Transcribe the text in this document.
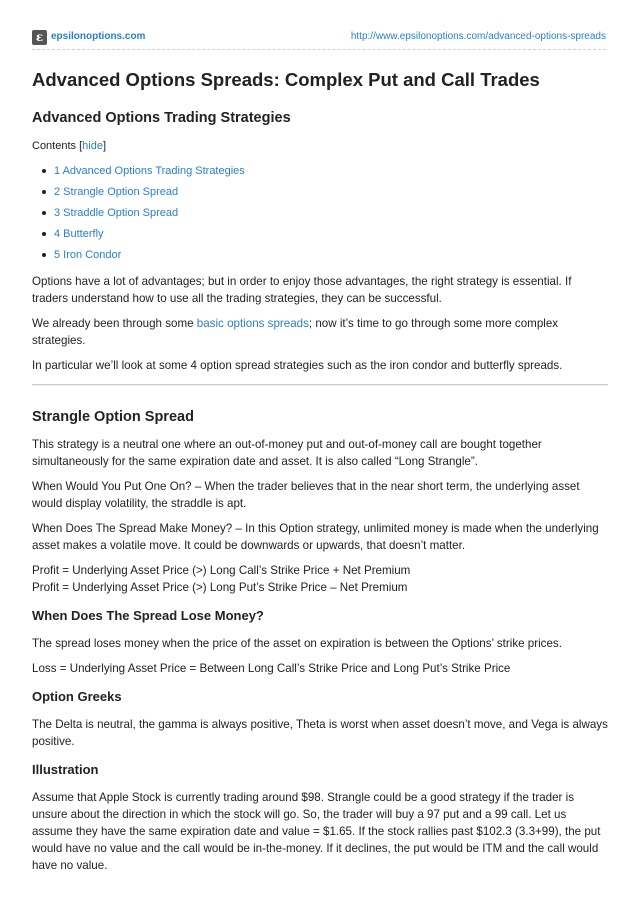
ε epsilonoptions.com	http://www.epsilonoptions.com/advanced-options-spreads
Advanced Options Spreads: Complex Put and Call Trades
Advanced Options Trading Strategies

Contents [hide]

1 Advanced Options Trading Strategies
2 Strangle Option Spread
3 Straddle Option Spread
4 Butterfly
5 Iron Condor

Options have a lot of advantages; but in order to enjoy those advantages, the right strategy is essential. If traders understand how to use all the trading strategies, they can be successful.

We already been through some basic options spreads; now it’s time to go through some more complex strategies.

In particular we’ll look at some 4 option spread strategies such as the iron condor and butterfly spreads.

Strangle Option Spread

This strategy is a neutral one where an out-of-money put and out-of-money call are bought together simultaneously for the same expiration date and asset. It is also called “Long Strangle”.

When Would You Put One On? – When the trader believes that in the near short term, the underlying asset would display volatility, the straddle is apt.

When Does The Spread Make Money? – In this Option strategy, unlimited money is made when the underlying asset makes a volatile move. It could be downwards or upwards, that doesn’t matter.

Profit = Underlying Asset Price (>) Long Call’s Strike Price + Net Premium

Profit = Underlying Asset Price (>) Long Put’s Strike Price – Net Premium

When Does The Spread Lose Money?

The spread loses money when the price of the asset on expiration is between the Options’ strike prices.

Loss = Underlying Asset Price = Between Long Call’s Strike Price and Long Put’s Strike Price

Option Greeks

The Delta is neutral, the gamma is always positive, Theta is worst when asset doesn’t move, and Vega is always positive.

Illustration

Assume that Apple Stock is currently trading around $98. Strangle could be a good strategy if the trader is unsure about the direction in which the stock will go. So, the trader will buy a 97 put and a 99 call. Let us assume they have the same expiration date and value = $1.65. If the stock rallies past $102.3 (3.3+99), the put would have no value and the call would be in-the-money. If it declines, the put would be ITM and the call would have no value.
